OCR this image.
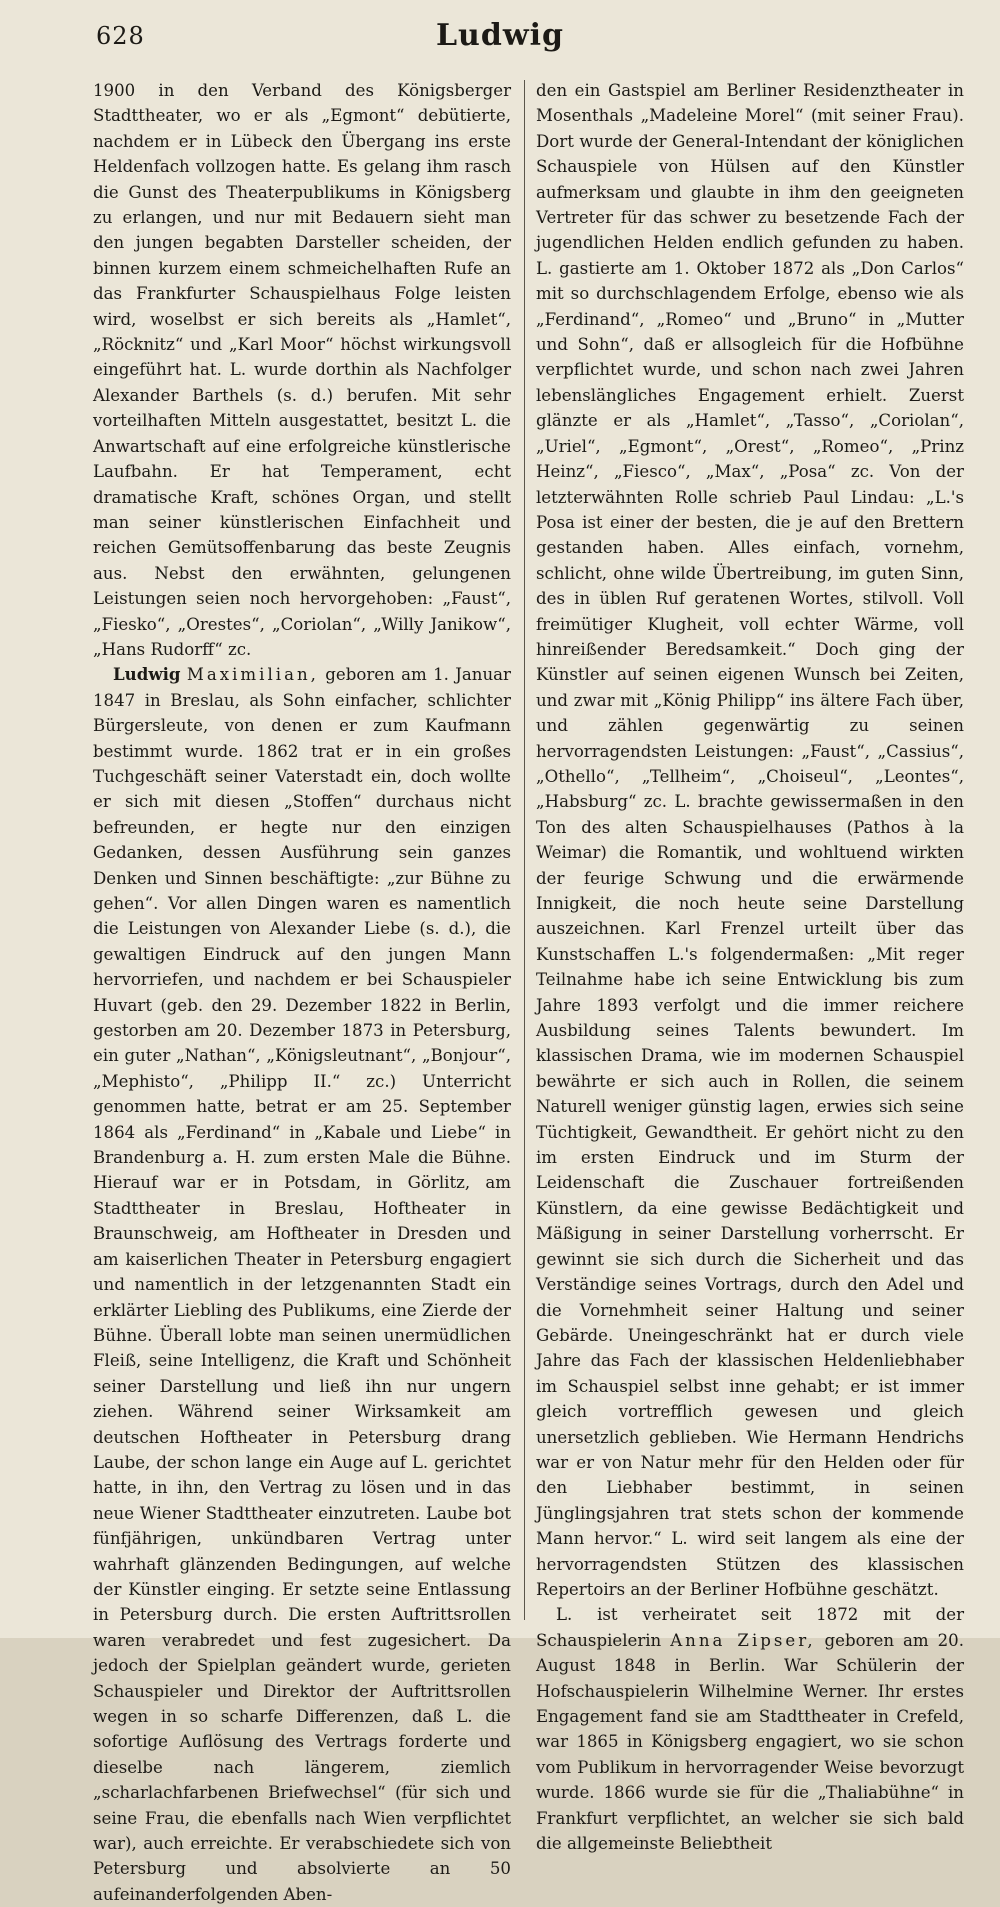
628	Ludwig

1900 in den Verband des Königsberger Stadttheater, wo er als „Egmont“ debütierte, nachdem er in Lübeck den Übergang ins erste Heldenfach vollzogen hatte. Es gelang ihm rasch die Gunst des Theaterpublikums in Königsberg zu erlangen, und nur mit Bedauern sieht man den jungen begabten Darsteller scheiden, der binnen kurzem einem schmeichelhaften Rufe an das Frankfurter Schauspielhaus Folge leisten wird, woselbst er sich bereits als „Hamlet“, „Röcknitz“ und „Karl Moor“ höchst wirkungsvoll eingeführt hat. L. wurde dorthin als Nachfolger Alexander Barthels (s. d.) berufen. Mit sehr vorteilhaften Mitteln ausgestattet, besitzt L. die Anwartschaft auf eine erfolgreiche künstlerische Laufbahn. Er hat Temperament, echt dramatische Kraft, schönes Organ, und stellt man seiner künstlerischen Einfachheit und reichen Gemütsoffenbarung das beste Zeugnis aus. Nebst den erwähnten, gelungenen Leistungen seien noch hervorgehoben: „Faust“, „Fiesko“, „Orestes“, „Coriolan“, „Willy Janikow“, „Hans Rudorff“ zc.

Ludwig Maximilian, geboren am 1. Januar 1847 in Breslau, als Sohn einfacher, schlichter Bürgersleute, von denen er zum Kaufmann bestimmt wurde. 1862 trat er in ein großes Tuchgeschäft seiner Vaterstadt ein, doch wollte er sich mit diesen „Stoffen“ durchaus nicht befreunden, er hegte nur den einzigen Gedanken, dessen Ausführung sein ganzes Denken und Sinnen beschäftigte: „zur Bühne zu gehen“. Vor allen Dingen waren es namentlich die Leistungen von Alexander Liebe (s. d.), die gewaltigen Eindruck auf den jungen Mann hervorriefen, und nachdem er bei Schauspieler Huvart (geb. den 29. Dezember 1822 in Berlin, gestorben am 20. Dezember 1873 in Petersburg, ein guter „Nathan“, „Königsleutnant“, „Bonjour“, „Mephisto“, „Philipp II.“ zc.) Unterricht genommen hatte, betrat er am 25. September 1864 als „Ferdinand“ in „Kabale und Liebe“ in Brandenburg a. H. zum ersten Male die Bühne. Hierauf war er in Potsdam, in Görlitz, am Stadttheater in Breslau, Hoftheater in Braunschweig, am Hoftheater in Dresden und am kaiserlichen Theater in Petersburg engagiert und namentlich in der letzgenannten Stadt ein erklärter Liebling des Publikums, eine Zierde der Bühne. Überall lobte man seinen unermüdlichen Fleiß, seine Intelligenz, die Kraft und Schönheit seiner Darstellung und ließ ihn nur ungern ziehen. Während seiner Wirksamkeit am deutschen Hoftheater in Petersburg drang Laube, der schon lange ein Auge auf L. gerichtet hatte, in ihn, den Vertrag zu lösen und in das neue Wiener Stadttheater einzutreten. Laube bot fünfjährigen, unkündbaren Vertrag unter wahrhaft glänzenden Bedingungen, auf welche der Künstler einging. Er setzte seine Entlassung in Petersburg durch. Die ersten Auftrittsrollen waren verabredet und fest zugesichert. Da jedoch der Spielplan geändert wurde, gerieten Schauspieler und Direktor der Auftrittsrollen wegen in so scharfe Differenzen, daß L. die sofortige Auflösung des Vertrags forderte und dieselbe nach längerem, ziemlich „scharlachfarbenen Briefwechsel“ (für sich und seine Frau, die ebenfalls nach Wien verpflichtet war), auch erreichte. Er verabschiedete sich von Petersburg und absolvierte an 50 aufeinanderfolgenden Aben-

den ein Gastspiel am Berliner Residenztheater in Mosenthals „Madeleine Morel“ (mit seiner Frau). Dort wurde der General-Intendant der königlichen Schauspiele von Hülsen auf den Künstler aufmerksam und glaubte in ihm den geeigneten Vertreter für das schwer zu besetzende Fach der jugendlichen Helden endlich gefunden zu haben. L. gastierte am 1. Oktober 1872 als „Don Carlos“ mit so durchschlagendem Erfolge, ebenso wie als „Ferdinand“, „Romeo“ und „Bruno“ in „Mutter und Sohn“, daß er allsogleich für die Hofbühne verpflichtet wurde, und schon nach zwei Jahren lebenslängliches Engagement erhielt. Zuerst glänzte er als „Hamlet“, „Tasso“, „Coriolan“, „Uriel“, „Egmont“, „Orest“, „Romeo“, „Prinz Heinz“, „Fiesco“, „Max“, „Posa“ zc. Von der letzterwähnten Rolle schrieb Paul Lindau: „L.'s Posa ist einer der besten, die je auf den Brettern gestanden haben. Alles einfach, vornehm, schlicht, ohne wilde Übertreibung, im guten Sinn, des in üblen Ruf geratenen Wortes, stilvoll. Voll freimütiger Klugheit, voll echter Wärme, voll hinreißender Beredsamkeit.“ Doch ging der Künstler auf seinen eigenen Wunsch bei Zeiten, und zwar mit „König Philipp“ ins ältere Fach über, und zählen gegenwärtig zu seinen hervorragendsten Leistungen: „Faust“, „Cassius“, „Othello“, „Tellheim“, „Choiseul“, „Leontes“, „Habsburg“ zc. L. brachte gewissermaßen in den Ton des alten Schauspielhauses (Pathos à la Weimar) die Romantik, und wohltuend wirkten der feurige Schwung und die erwärmende Innigkeit, die noch heute seine Darstellung auszeichnen. Karl Frenzel urteilt über das Kunstschaffen L.'s folgendermaßen: „Mit reger Teilnahme habe ich seine Entwicklung bis zum Jahre 1893 verfolgt und die immer reichere Ausbildung seines Talents bewundert. Im klassischen Drama, wie im modernen Schauspiel bewährte er sich auch in Rollen, die seinem Naturell weniger günstig lagen, erwies sich seine Tüchtigkeit, Gewandtheit. Er gehört nicht zu den im ersten Eindruck und im Sturm der Leidenschaft die Zuschauer fortreißenden Künstlern, da eine gewisse Bedächtigkeit und Mäßigung in seiner Darstellung vorherrscht. Er gewinnt sie sich durch die Sicherheit und das Verständige seines Vortrags, durch den Adel und die Vornehmheit seiner Haltung und seiner Gebärde. Uneingeschränkt hat er durch viele Jahre das Fach der klassischen Heldenliebhaber im Schauspiel selbst inne gehabt; er ist immer gleich vortrefflich gewesen und gleich unersetzlich geblieben. Wie Hermann Hendrichs war er von Natur mehr für den Helden oder für den Liebhaber bestimmt, in seinen Jünglingsjahren trat stets schon der kommende Mann hervor.“ L. wird seit langem als eine der hervorragendsten Stützen des klassischen Repertoirs an der Berliner Hofbühne geschätzt.

L. ist verheiratet seit 1872 mit der Schauspielerin Anna Zipser, geboren am 20. August 1848 in Berlin. War Schülerin der Hofschauspielerin Wilhelmine Werner. Ihr erstes Engagement fand sie am Stadttheater in Crefeld, war 1865 in Königsberg engagiert, wo sie schon vom Publikum in hervorragender Weise bevorzugt wurde. 1866 wurde sie für die „Thaliabühne“ in Frankfurt verpflichtet, an welcher sie sich bald die allgemeinste Beliebtheit
